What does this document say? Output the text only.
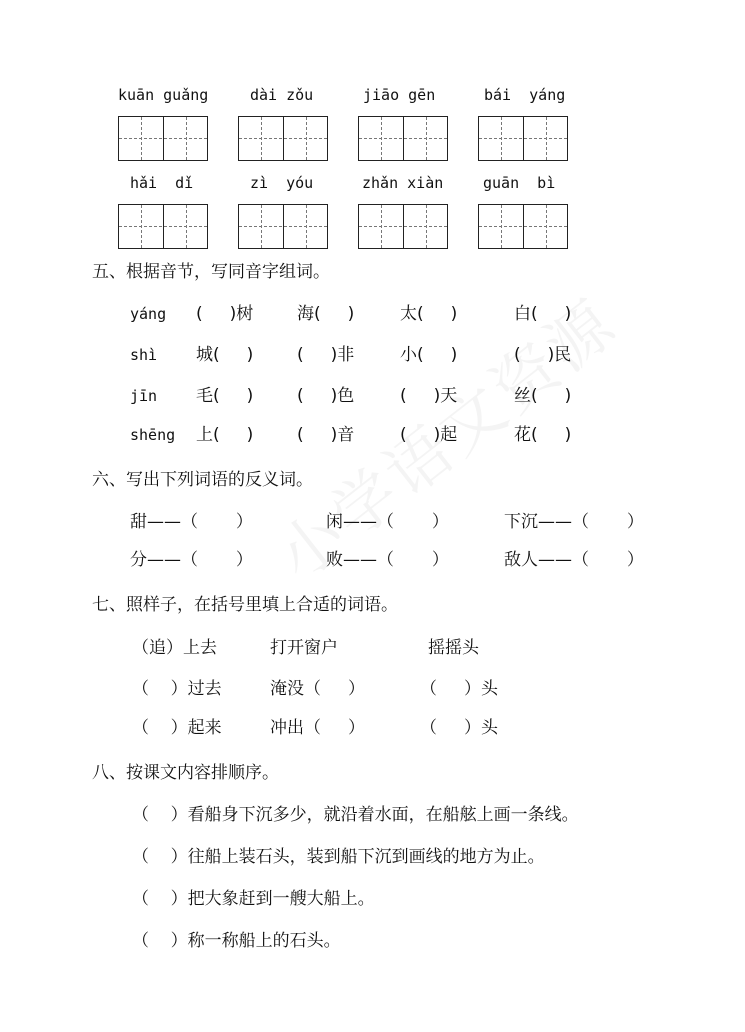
kuān guǎng	dài zǒu	jiāo gēn	bái  yáng
hǎi  dǐ	zì  yóu	zhǎn xiàn	guān  bì
五、根据音节，写同音字组词。
yáng (     )树	海(     )	太(     )	白(     )
shì 城(     )	(     )非	小(     )	(     )民
jīn 毛(     )	(     )色	(     )天	丝(     )
shēng 上(     )	(     )音	(     )起	花(     )
六、写出下列词语的反义词。
甜——（       ）	闲——（       ）	下沉——（       ）
分——（       ）	败——（       ）	敌人——（       ）
七、照样子，在括号里填上合适的词语。
（追）上去	打开窗户	摇摇头
（    ）过去	淹没（     ）	（     ）头
（    ）起来	冲出（     ）	（     ）头
八、按课文内容排顺序。
（    ）看船身下沉多少，就沿着水面，在船舷上画一条线。
（    ）往船上装石头，装到船下沉到画线的地方为止。
（    ）把大象赶到一艘大船上。
（    ）称一称船上的石头。
